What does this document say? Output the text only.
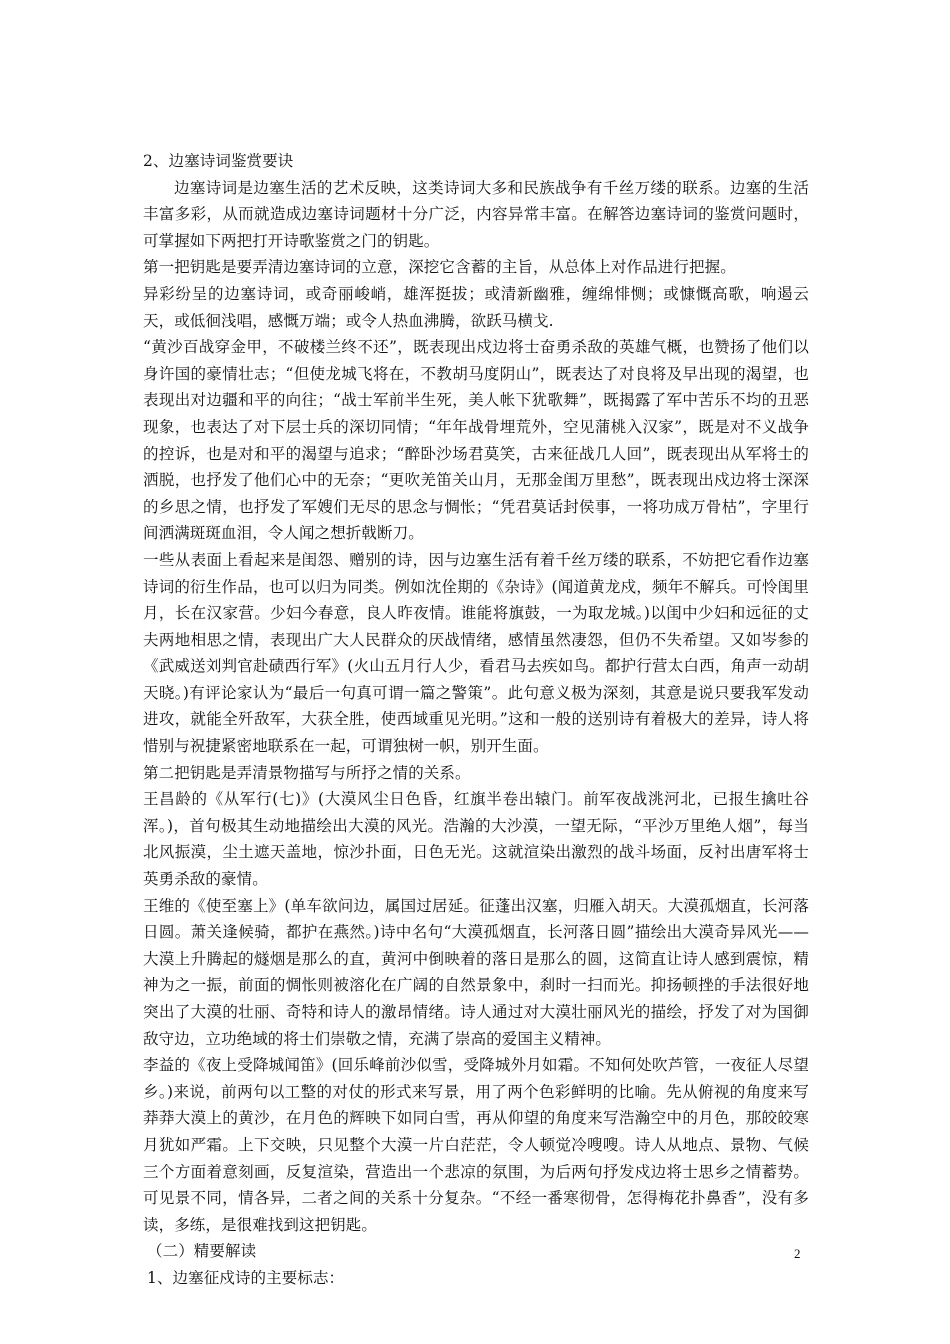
2、边塞诗词鉴赏要诀

边塞诗词是边塞生活的艺术反映，这类诗词大多和民族战争有千丝万缕的联系。边塞的生活丰富多彩，从而就造成边塞诗词题材十分广泛，内容异常丰富。在解答边塞诗词的鉴赏问题时，可掌握如下两把打开诗歌鉴赏之门的钥匙。

第一把钥匙是要弄清边塞诗词的立意，深挖它含蓄的主旨，从总体上对作品进行把握。

异彩纷呈的边塞诗词，或奇丽峻峭，雄浑挺拔；或清新幽雅，缠绵悱恻；或慷慨高歌，响遏云天，或低徊浅唱，感慨万端；或令人热血沸腾，欲跃马横戈.

“黄沙百战穿金甲，不破楼兰终不还”，既表现出戍边将士奋勇杀敌的英雄气概，也赞扬了他们以身许国的豪情壮志；“但使龙城飞将在，不教胡马度阴山”，既表达了对良将及早出现的渴望，也表现出对边疆和平的向往；“战士军前半生死，美人帐下犹歌舞”，既揭露了军中苦乐不均的丑恶现象，也表达了对下层士兵的深切同情；“年年战骨埋荒外，空见蒲桃入汉家”，既是对不义战争的控诉，也是对和平的渴望与追求；“醉卧沙场君莫笑，古来征战几人回”，既表现出从军将士的洒脱，也抒发了他们心中的无奈；“更吹羌笛关山月，无那金闺万里愁”，既表现出戍边将士深深的乡思之情，也抒发了军嫂们无尽的思念与惆怅；“凭君莫话封侯事，一将功成万骨枯”，字里行间洒满斑斑血泪，令人闻之想折戟断刀。

一些从表面上看起来是闺怨、赠别的诗，因与边塞生活有着千丝万缕的联系，不妨把它看作边塞诗词的衍生作品，也可以归为同类。例如沈佺期的《杂诗》(闻道黄龙戍，频年不解兵。可怜闺里月，长在汉家营。少妇今春意，良人昨夜情。谁能将旗鼓，一为取龙城。)以闺中少妇和远征的丈夫两地相思之情，表现出广大人民群众的厌战情绪，感情虽然凄怨，但仍不失希望。又如岑参的《武威送刘判官赴碛西行军》(火山五月行人少，看君马去疾如鸟。都护行营太白西，角声一动胡天晓。)有评论家认为“最后一句真可谓一篇之警策”。此句意义极为深刻，其意是说只要我军发动进攻，就能全歼敌军，大获全胜，使西域重见光明。”这和一般的送别诗有着极大的差异，诗人将惜别与祝捷紧密地联系在一起，可谓独树一帜，别开生面。

第二把钥匙是弄清景物描写与所抒之情的关系。

王昌龄的《从军行(七)》(大漠风尘日色昏，红旗半卷出辕门。前军夜战洮河北，已报生擒吐谷浑。)，首句极其生动地描绘出大漠的风光。浩瀚的大沙漠，一望无际，“平沙万里绝人烟”，每当北风振漠，尘土遮天盖地，惊沙扑面，日色无光。这就渲染出激烈的战斗场面，反衬出唐军将士英勇杀敌的豪情。

王维的《使至塞上》(单车欲问边，属国过居延。征蓬出汉塞，归雁入胡天。大漠孤烟直，长河落日圆。萧关逢候骑，都护在燕然。)诗中名句“大漠孤烟直，长河落日圆”描绘出大漠奇异风光——大漠上升腾起的燧烟是那么的直，黄河中倒映着的落日是那么的圆，这简直让诗人感到震惊，精神为之一振，前面的惆怅则被溶化在广阔的自然景象中，刹时一扫而光。抑扬顿挫的手法很好地突出了大漠的壮丽、奇特和诗人的激昂情绪。诗人通过对大漠壮丽风光的描绘，抒发了对为国御敌守边，立功绝域的将士们崇敬之情，充满了崇高的爱国主义精神。

李益的《夜上受降城闻笛》(回乐峰前沙似雪，受降城外月如霜。不知何处吹芦管，一夜征人尽望乡。)来说，前两句以工整的对仗的形式来写景，用了两个色彩鲜明的比喻。先从俯视的角度来写莽莽大漠上的黄沙，在月色的辉映下如同白雪，再从仰望的角度来写浩瀚空中的月色，那皎皎寒月犹如严霜。上下交映，只见整个大漠一片白茫茫，令人顿觉冷嗖嗖。诗人从地点、景物、气候三个方面着意刻画，反复渲染，营造出一个悲凉的氛围，为后两句抒发戍边将士思乡之情蓄势。可见景不同，情各异，二者之间的关系十分复杂。“不经一番寒彻骨，怎得梅花扑鼻香”，没有多读，多练，是很难找到这把钥匙。

（二）精要解读

1、边塞征戍诗的主要标志：

2
